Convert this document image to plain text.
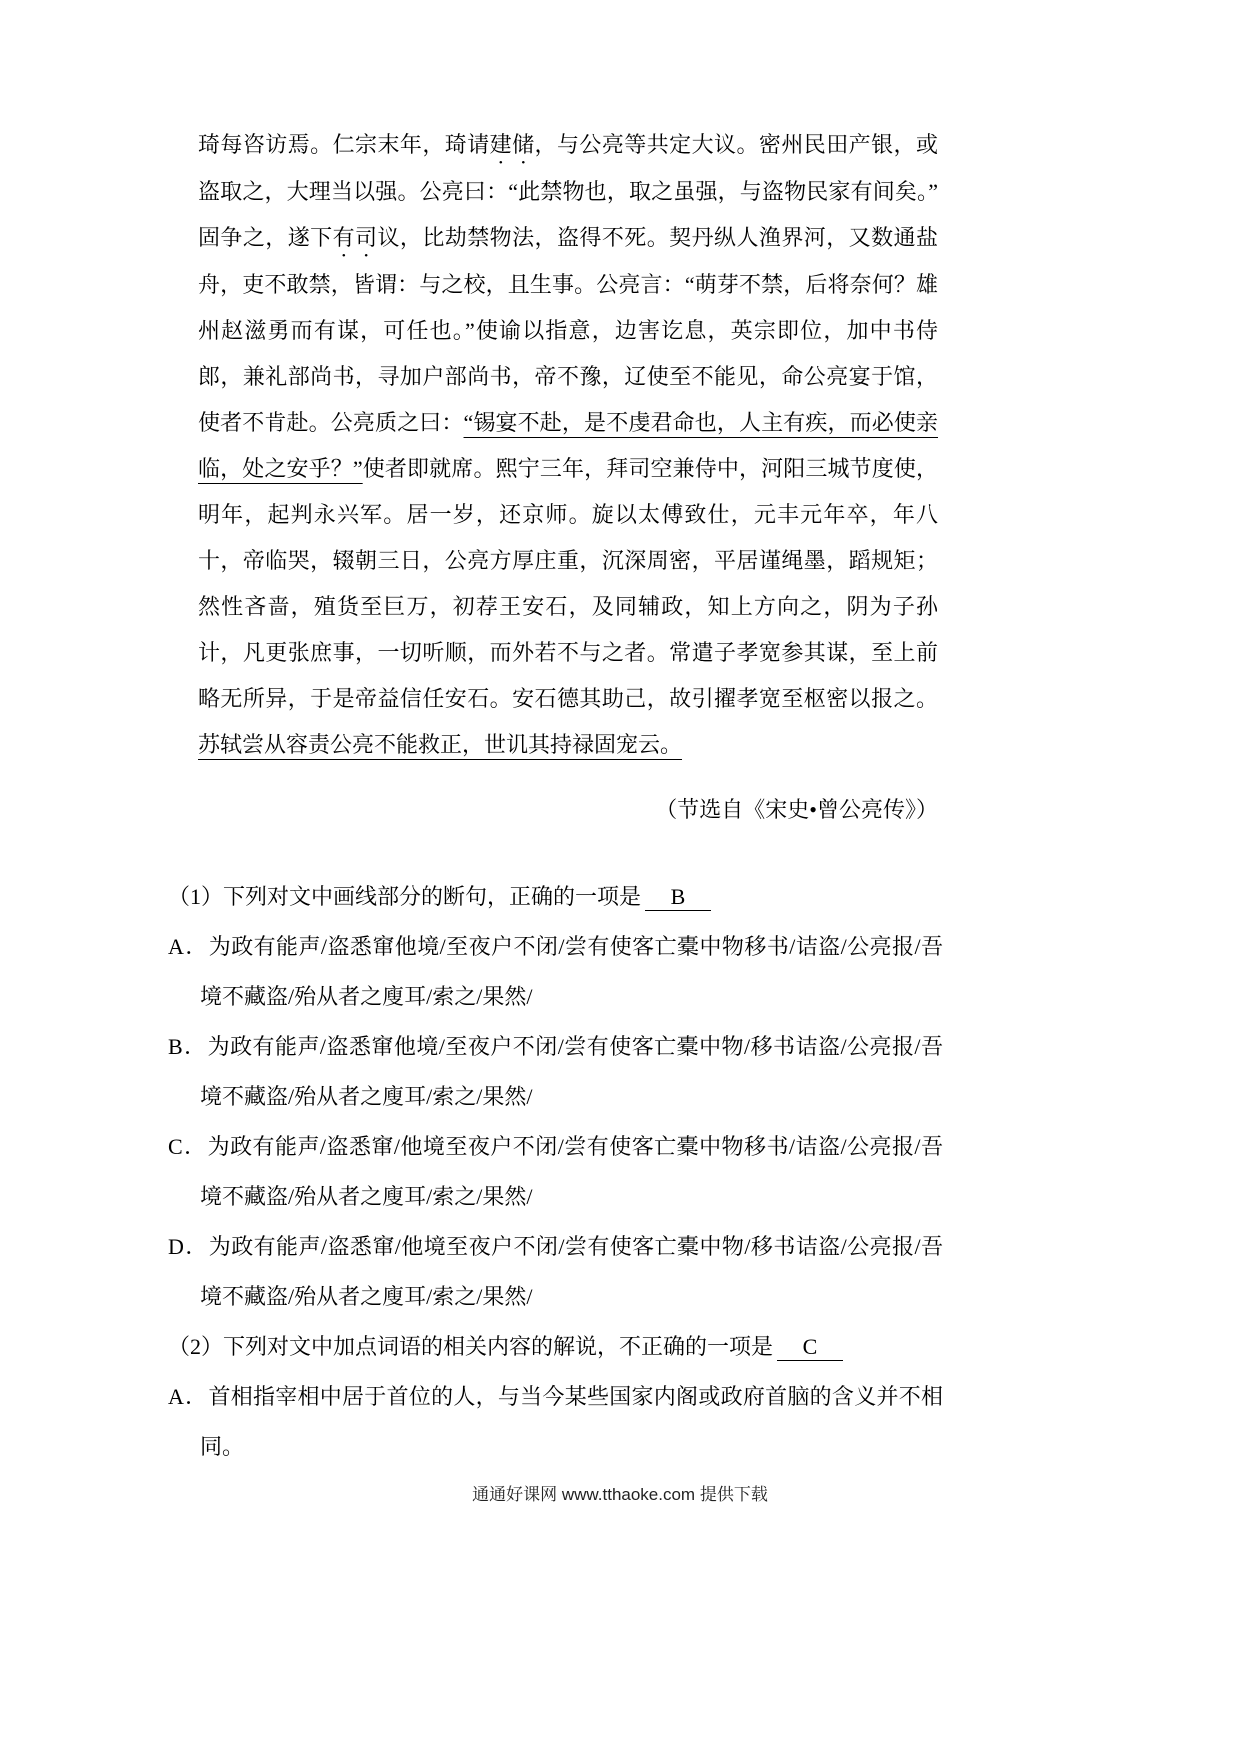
琦每咨访焉。仁宗末年，琦请建储，与公亮等共定大议。密州民田产银，或盗取之，大理当以强。公亮曰：“此禁物也，取之虽强，与盗物民家有间矣。”固争之，遂下有司议，比劫禁物法，盗得不死。契丹纵人渔界河，又数通盐舟，吏不敢禁，皆谓：与之校，且生事。公亮言：“萌芽不禁，后将奈何？雄州赵滋勇而有谋，可任也。”使谕以指意，边害讫息，英宗即位，加中书侍郎，兼礼部尚书，寻加户部尚书，帝不豫，辽使至不能见，命公亮宴于馆，使者不肯赴。公亮质之曰：“锡宴不赴，是不虔君命也，人主有疾，而必使亲临，处之安乎？”使者即就席。熙宁三年，拜司空兼侍中，河阳三城节度使，明年，起判永兴军。居一岁，还京师。旋以太傅致仕，元丰元年卒，年八十，帝临哭，辍朝三日，公亮方厚庄重，沉深周密，平居谨绳墨，蹈规矩；然性吝啬，殖货至巨万，初荐王安石，及同辅政，知上方向之，阴为子孙计，凡更张庶事，一切听顺，而外若不与之者。常遣子孝宽参其谋，至上前略无所异，于是帝益信任安石。安石德其助己，故引擢孝宽至枢密以报之。苏轼尝从容责公亮不能救正，世讥其持禄固宠云。

（节选自《宋史•曾公亮传》）

（1）下列对文中画线部分的断句，正确的一项是 B

A．为政有能声/盗悉窜他境/至夜户不闭/尝有使客亡橐中物移书/诘盗/公亮报/吾境不藏盗/殆从者之廋耳/索之/果然/

B．为政有能声/盗悉窜他境/至夜户不闭/尝有使客亡橐中物/移书诘盗/公亮报/吾境不藏盗/殆从者之廋耳/索之/果然/

C．为政有能声/盗悉窜/他境至夜户不闭/尝有使客亡橐中物移书/诘盗/公亮报/吾境不藏盗/殆从者之廋耳/索之/果然/

D．为政有能声/盗悉窜/他境至夜户不闭/尝有使客亡橐中物/移书诘盗/公亮报/吾境不藏盗/殆从者之廋耳/索之/果然/

（2）下列对文中加点词语的相关内容的解说，不正确的一项是 C

A．首相指宰相中居于首位的人，与当今某些国家内阁或政府首脑的含义并不相同。

通通好课网 www.tthaoke.com 提供下载
